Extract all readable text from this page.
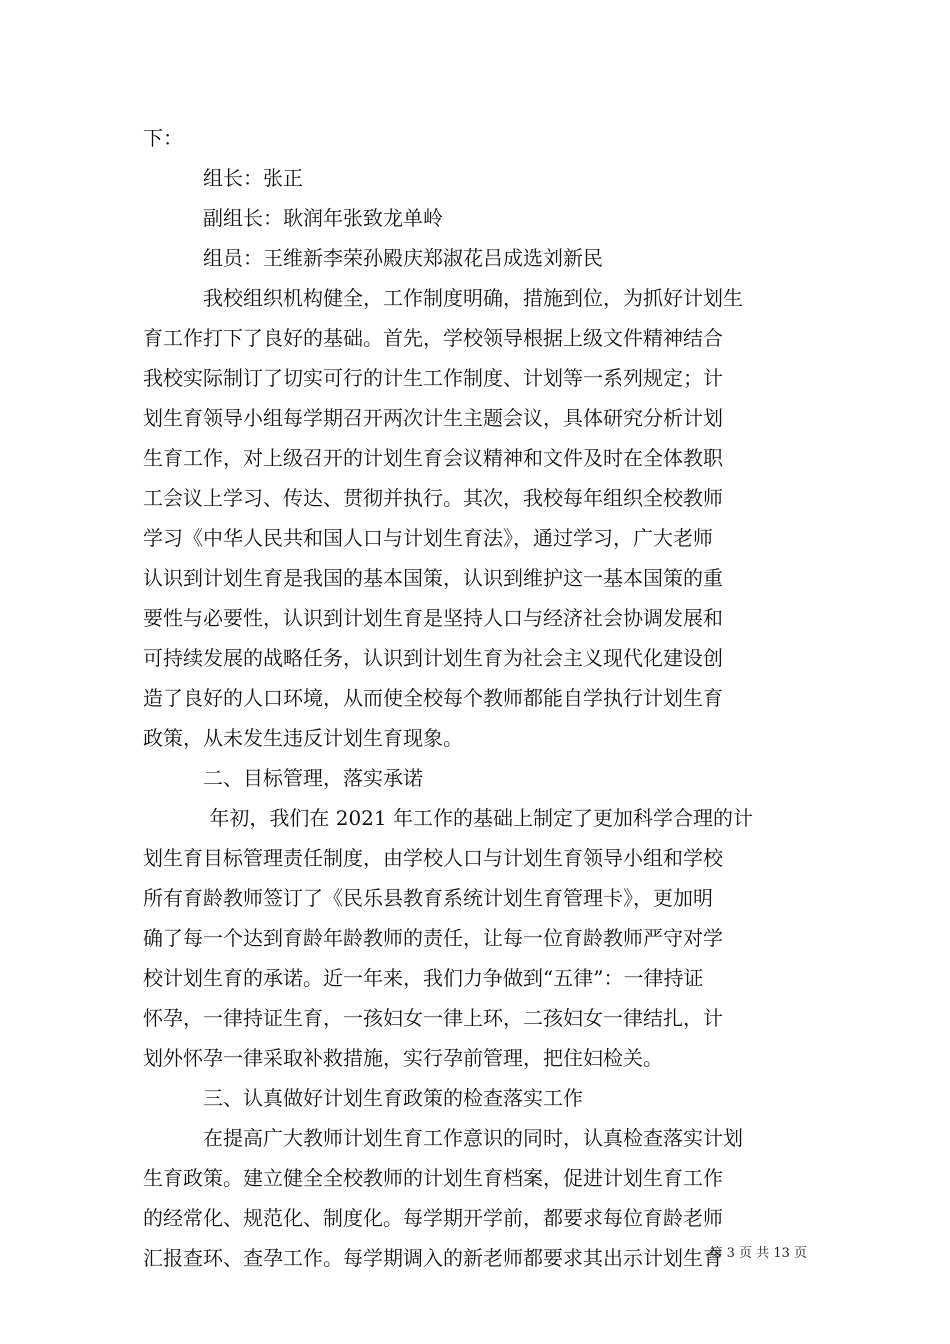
下：
　　　组长：张正
　　　副组长：耿润年张致龙单岭
　　　组员：王维新李荣孙殿庆郑淑花吕成选刘新民
　　　我校组织机构健全，工作制度明确，措施到位，为抓好计划生
育工作打下了良好的基础。首先，学校领导根据上级文件精神结合
我校实际制订了切实可行的计生工作制度、计划等一系列规定；计
划生育领导小组每学期召开两次计生主题会议，具体研究分析计划
生育工作，对上级召开的计划生育会议精神和文件及时在全体教职
工会议上学习、传达、贯彻并执行。其次，我校每年组织全校教师
学习《中华人民共和国人口与计划生育法》，通过学习，广大老师
认识到计划生育是我国的基本国策，认识到维护这一基本国策的重
要性与必要性，认识到计划生育是坚持人口与经济社会协调发展和
可持续发展的战略任务，认识到计划生育为社会主义现代化建设创
造了良好的人口环境，从而使全校每个教师都能自学执行计划生育
政策，从未发生违反计划生育现象。
　　　二、目标管理，落实承诺
　　　 年初，我们在 2021 年工作的基础上制定了更加科学合理的计
划生育目标管理责任制度，由学校人口与计划生育领导小组和学校
所有育龄教师签订了《民乐县教育系统计划生育管理卡》，更加明
确了每一个达到育龄年龄教师的责任，让每一位育龄教师严守对学
校计划生育的承诺。近一年来，我们力争做到“五律”：一律持证
怀孕，一律持证生育，一孩妇女一律上环，二孩妇女一律结扎，计
划外怀孕一律采取补救措施，实行孕前管理，把住妇检关。
　　　三、认真做好计划生育政策的检查落实工作
　　　在提高广大教师计划生育工作意识的同时，认真检查落实计划
生育政策。建立健全全校教师的计划生育档案，促进计划生育工作
的经常化、规范化、制度化。每学期开学前，都要求每位育龄老师
汇报查环、查孕工作。每学期调入的新老师都要求其出示计划生育
第 3 页 共 13 页
